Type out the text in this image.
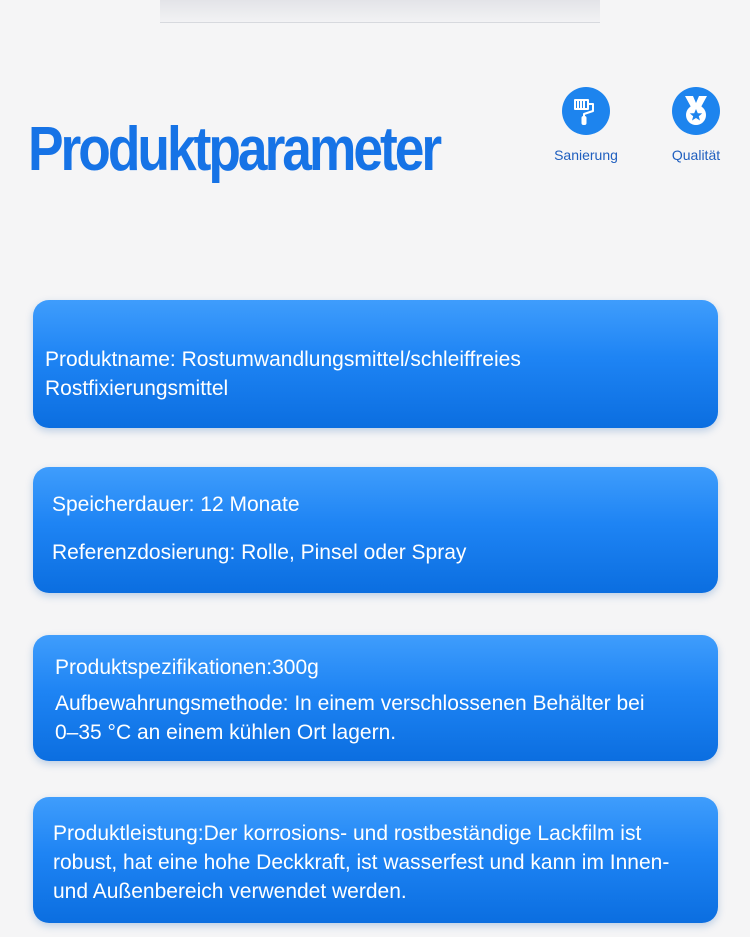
Produktparameter	Sanierung	Qualität

Produktname: Rostumwandlungsmittel/schleiffreies Rostfixierungsmittel

Speicherdauer: 12 Monate

Referenzdosierung: Rolle, Pinsel oder Spray

Produktspezifikationen:300g

Aufbewahrungsmethode: In einem verschlossenen Behälter bei 0–35 °C an einem kühlen Ort lagern.

Produktleistung:Der korrosions- und rostbeständige Lackfilm ist robust, hat eine hohe Deckkraft, ist wasserfest und kann im Innen- und Außenbereich verwendet werden.
